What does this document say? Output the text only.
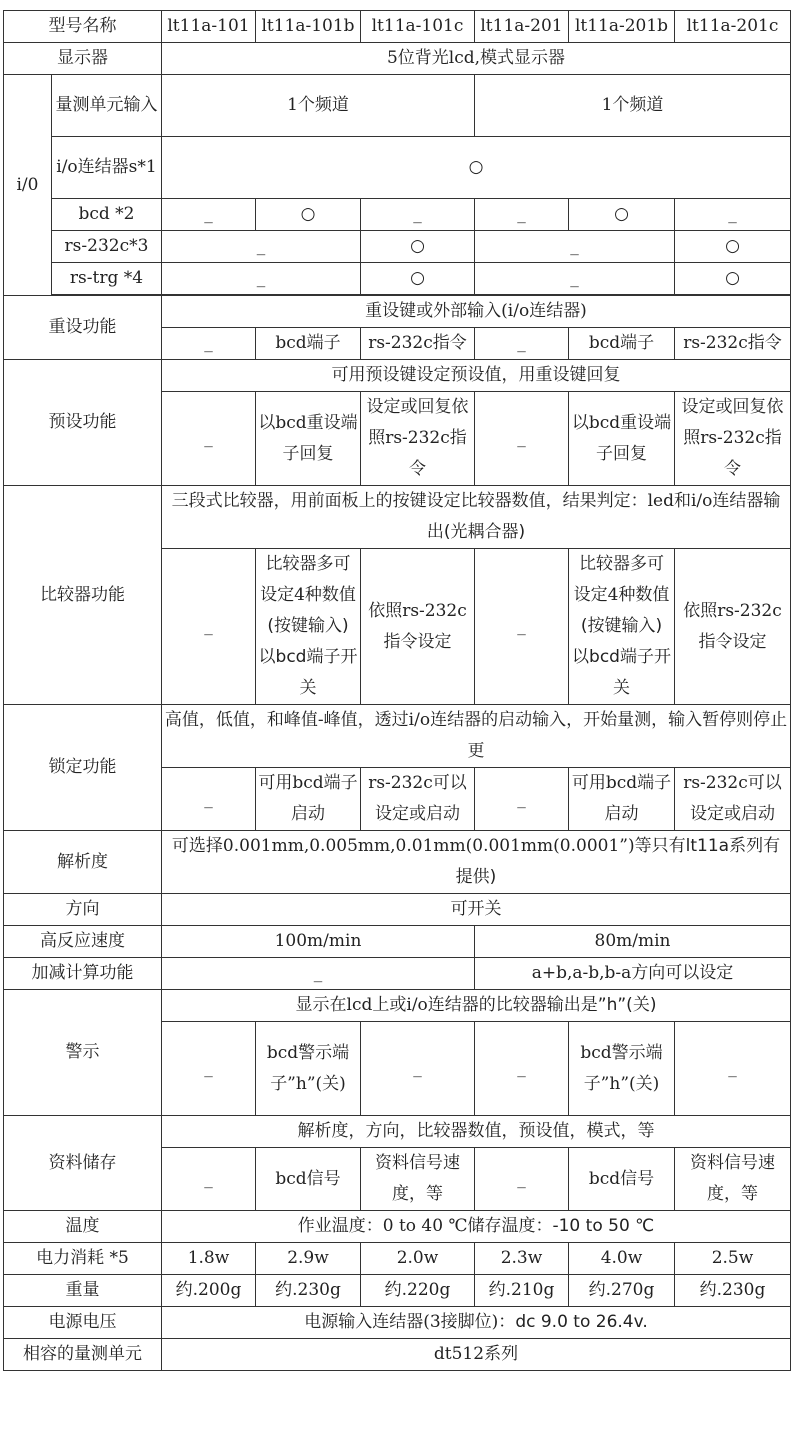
型号名称		lt11a-101	lt11a-101b	lt11a-101c	lt11a-201	lt11a-201b	lt11a-201c
显示器		5位背光lcd,模式显示器					
i/0	量测单元输入	1个频道			1个频道		
	i/o连结器s*1	○					
	bcd *2	_	○	_	_	○	_
	rs-232c*3	_		○	_		○
	rs-trg *4	_		○	_		○

重设功能		重设键或外部输入(i/o连结器)					
		_	bcd端子	rs-232c指令	_	bcd端子	rs-232c指令
预设功能		可用预设键设定预设值，用重设键回复					
		_	以bcd重设端子回复	设定或回复依照rs-232c指令	_	以bcd重设端子回复	设定或回复依照rs-232c指令
比较器功能		三段式比较器，用前面板上的按键设定比较器数值，结果判定：led和i/o连结器输出(光耦合器)					
		_	比较器多可设定4种数值(按键输入) 以bcd端子开关	依照rs-232c指令设定	_	比较器多可设定4种数值(按键输入) 以bcd端子开关	依照rs-232c指令设定
锁定功能		高值，低值，和峰值-峰值，透过i/o连结器的启动输入，开始量测，输入暂停则停止更					
		_	可用bcd端子启动	rs-232c可以设定或启动	_	可用bcd端子启动	rs-232c可以设定或启动
解析度		可选择0.001mm,0.005mm,0.01mm(0.001mm(0.0001”)等只有lt11a系列有提供)					
方向		可开关					
高反应速度		100m/min			80m/min		
加减计算功能		_			a+b,a-b,b-a方向可以设定		
警示		显示在lcd上或i/o连结器的比较器输出是”h”(关)					
		_	bcd警示端子”h”(关)	_	_	bcd警示端子”h”(关)	_
资料储存		解析度，方向，比较器数值，预设值，模式，等					
		_	bcd信号	资料信号速度，等	_	bcd信号	资料信号速度，等
温度		作业温度：0 to 40 ℃储存温度：-10 to 50 ℃					
电力消耗 *5		1.8w	2.9w	2.0w	2.3w	4.0w	2.5w
重量		约.200g	约.230g	约.220g	约.210g	约.270g	约.230g
电源电压		电源输入连结器(3接脚位)：dc 9.0 to 26.4v.					
相容的量测单元		dt512系列					
